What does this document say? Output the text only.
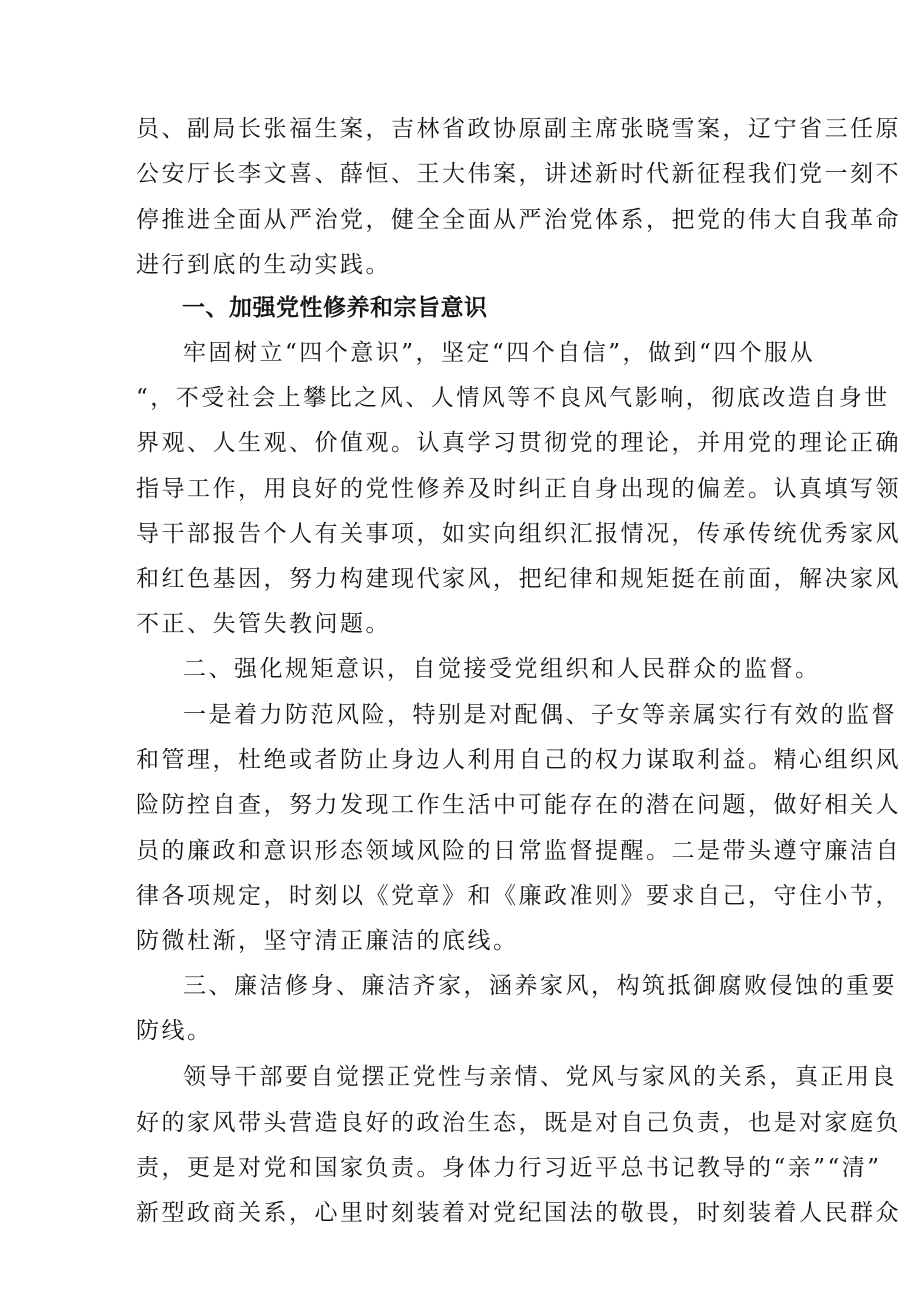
员、副局长张福生案，吉林省政协原副主席张晓雪案，辽宁省三任原
公安厅长李文喜、薛恒、王大伟案，讲述新时代新征程我们党一刻不
停推进全面从严治党，健全全面从严治党体系，把党的伟大自我革命
进行到底的生动实践。
一、加强党性修养和宗旨意识
牢固树立“四个意识”，坚定“四个自信”，做到“四个服从
“，不受社会上攀比之风、人情风等不良风气影响，彻底改造自身世
界观、人生观、价值观。认真学习贯彻党的理论，并用党的理论正确
指导工作，用良好的党性修养及时纠正自身出现的偏差。认真填写领
导干部报告个人有关事项，如实向组织汇报情况，传承传统优秀家风
和红色基因，努力构建现代家风，把纪律和规矩挺在前面，解决家风
不正、失管失教问题。
二、强化规矩意识，自觉接受党组织和人民群众的监督。
一是着力防范风险，特别是对配偶、子女等亲属实行有效的监督
和管理，杜绝或者防止身边人利用自己的权力谋取利益。精心组织风
险防控自查，努力发现工作生活中可能存在的潜在问题，做好相关人
员的廉政和意识形态领域风险的日常监督提醒。二是带头遵守廉洁自
律各项规定，时刻以《党章》和《廉政准则》要求自己，守住小节，
防微杜渐，坚守清正廉洁的底线。
三、廉洁修身、廉洁齐家，涵养家风，构筑抵御腐败侵蚀的重要
防线。
领导干部要自觉摆正党性与亲情、党风与家风的关系，真正用良
好的家风带头营造良好的政治生态，既是对自己负责，也是对家庭负
责，更是对党和国家负责。身体力行习近平总书记教导的“亲”“清”
新型政商关系，心里时刻装着对党纪国法的敬畏，时刻装着人民群众
